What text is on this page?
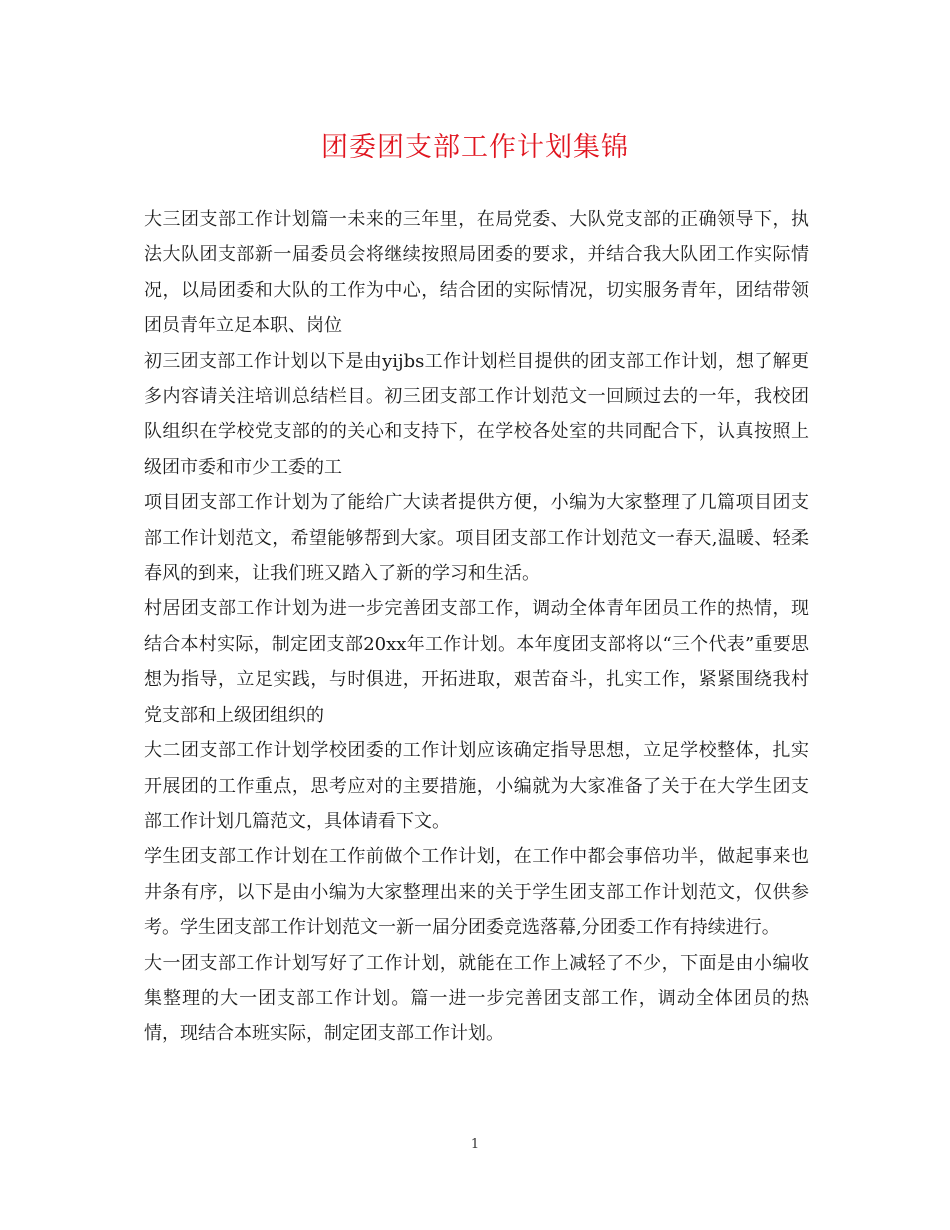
团委团支部工作计划集锦

大三团支部工作计划篇一未来的三年里，在局党委、大队党支部的正确领导下，执法大队团支部新一届委员会将继续按照局团委的要求，并结合我大队团工作实际情况，以局团委和大队的工作为中心，结合团的实际情况，切实服务青年，团结带领团员青年立足本职、岗位

初三团支部工作计划以下是由yijbs工作计划栏目提供的团支部工作计划，想了解更多内容请关注培训总结栏目。初三团支部工作计划范文一回顾过去的一年，我校团队组织在学校党支部的的关心和支持下，在学校各处室的共同配合下，认真按照上级团市委和市少工委的工

项目团支部工作计划为了能给广大读者提供方便，小编为大家整理了几篇项目团支部工作计划范文，希望能够帮到大家。项目团支部工作计划范文一春天,温暖、轻柔春风的到来，让我们班又踏入了新的学习和生活。

村居团支部工作计划为进一步完善团支部工作，调动全体青年团员工作的热情，现结合本村实际，制定团支部20xx年工作计划。本年度团支部将以“三个代表”重要思想为指导，立足实践，与时俱进，开拓进取，艰苦奋斗，扎实工作，紧紧围绕我村党支部和上级团组织的

大二团支部工作计划学校团委的工作计划应该确定指导思想，立足学校整体，扎实开展团的工作重点，思考应对的主要措施，小编就为大家准备了关于在大学生团支部工作计划几篇范文，具体请看下文。

学生团支部工作计划在工作前做个工作计划，在工作中都会事倍功半，做起事来也井条有序，以下是由小编为大家整理出来的关于学生团支部工作计划范文，仅供参考。学生团支部工作计划范文一新一届分团委竞选落幕,分团委工作有持续进行。

大一团支部工作计划写好了工作计划，就能在工作上减轻了不少，下面是由小编收集整理的大一团支部工作计划。篇一进一步完善团支部工作，调动全体团员的热情，现结合本班实际，制定团支部工作计划。

1
